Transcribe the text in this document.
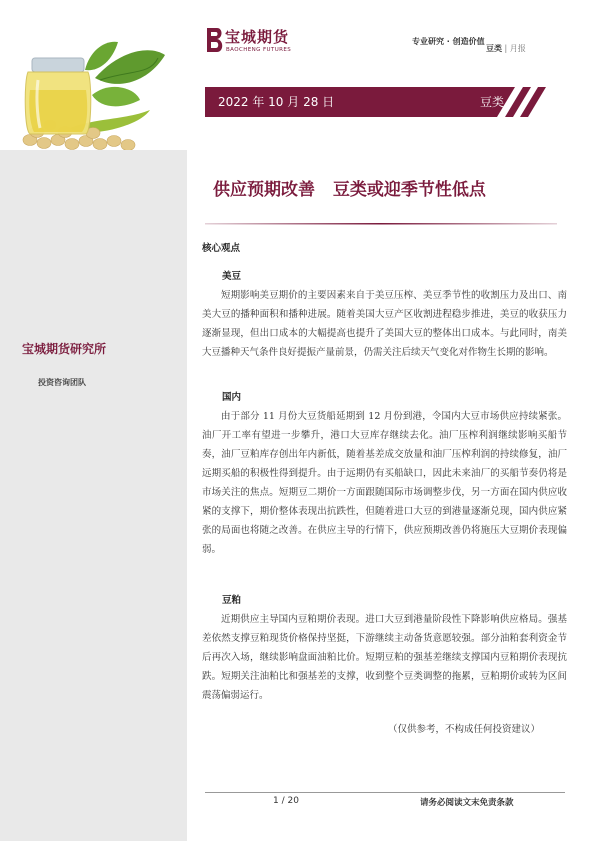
宝城期货研究所
投资咨询团队
宝城期货
BAOCHENG FUTURES
专业研究 · 创造价值
豆类 | 月报
2022 年 10 月 28 日	豆类
供应预期改善 豆类或迎季节性低点
核心观点
美豆

短期影响美豆期价的主要因素来自于美豆压榨、美豆季节性的收割压力及出口、南美大豆的播种面积和播种进展。随着美国大豆产区收割进程稳步推进，美豆的收获压力逐渐显现，但出口成本的大幅提高也提升了美国大豆的整体出口成本。与此同时，南美大豆播种天气条件良好提振产量前景，仍需关注后续天气变化对作物生长期的影响。

国内

由于部分 11 月份大豆货船延期到 12 月份到港，令国内大豆市场供应持续紧张。油厂开工率有望进一步攀升，港口大豆库存继续去化。油厂压榨利润继续影响买船节奏，油厂豆粕库存创出年内新低，随着基差成交放量和油厂压榨利润的持续修复，油厂远期买船的积极性得到提升。由于远期仍有买船缺口，因此未来油厂的买船节奏仍将是市场关注的焦点。短期豆二期价一方面跟随国际市场调整步伐，另一方面在国内供应收紧的支撑下，期价整体表现出抗跌性，但随着进口大豆的到港量逐渐兑现，国内供应紧张的局面也将随之改善。在供应主导的行情下，供应预期改善仍将施压大豆期价表现偏弱。

豆粕

近期供应主导国内豆粕期价表现。进口大豆到港量阶段性下降影响供应格局。强基差依然支撑豆粕现货价格保持坚挺，下游继续主动备货意愿较强。部分油粕套利资金节后再次入场，继续影响盘面油粕比价。短期豆粕的强基差继续支撑国内豆粕期价表现抗跌。短期关注油粕比和强基差的支撑，收到整个豆类调整的拖累，豆粕期价或转为区间震荡偏弱运行。

（仅供参考，不构成任何投资建议）
1 / 20	请务必阅读文末免责条款
